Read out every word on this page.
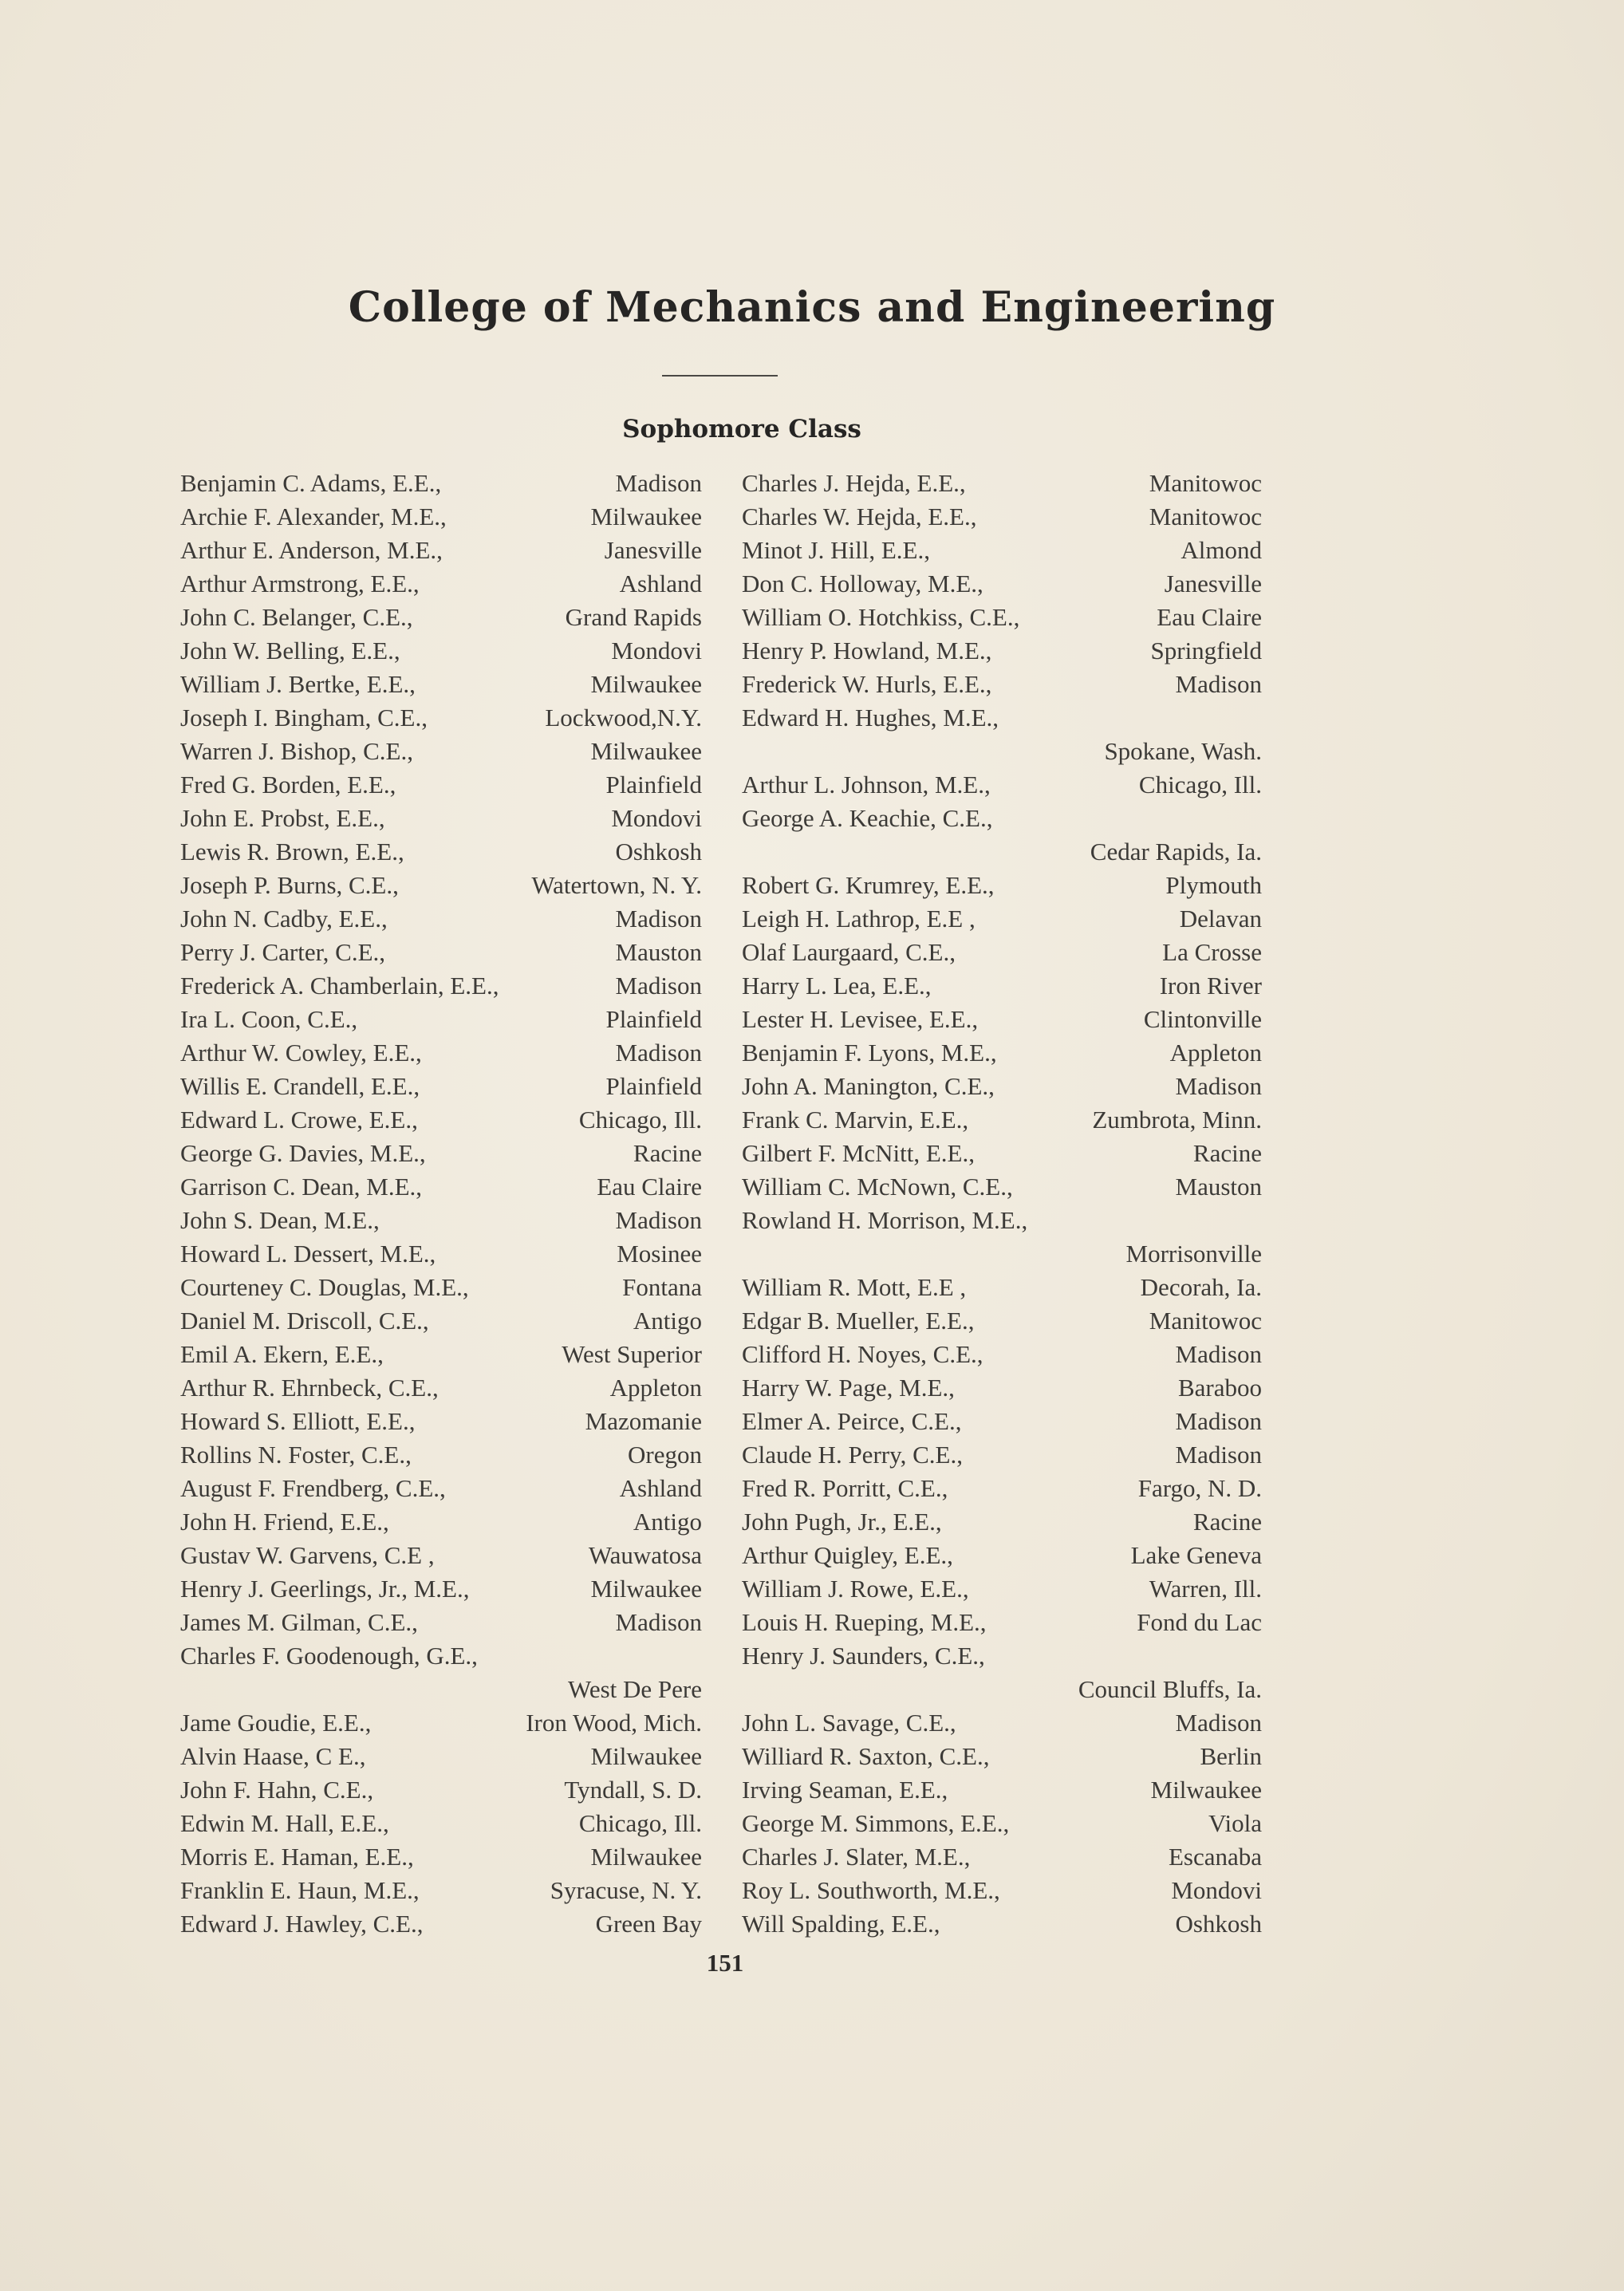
College of Mechanics and Engineering
Sophomore Class
Benjamin C. Adams, E.E.,	Madison
Archie F. Alexander, M.E.,	Milwaukee
Arthur E. Anderson, M.E.,	Janesville
Arthur Armstrong, E.E.,	Ashland
John C. Belanger, C.E.,	Grand Rapids
John W. Belling, E.E.,	Mondovi
William J. Bertke, E.E.,	Milwaukee
Joseph I. Bingham, C.E.,	Lockwood,N.Y.
Warren J. Bishop, C.E.,	Milwaukee
Fred G. Borden, E.E.,	Plainfield
John E. Probst, E.E.,	Mondovi
Lewis R. Brown, E.E.,	Oshkosh
Joseph P. Burns, C.E.,	Watertown, N. Y.
John N. Cadby, E.E.,	Madison
Perry J. Carter, C.E.,	Mauston
Frederick A. Chamberlain, E.E.,	Madison
Ira L. Coon, C.E.,	Plainfield
Arthur W. Cowley, E.E.,	Madison
Willis E. Crandell, E.E.,	Plainfield
Edward L. Crowe, E.E.,	Chicago, Ill.
George G. Davies, M.E.,	Racine
Garrison C. Dean, M.E.,	Eau Claire
John S. Dean, M.E.,	Madison
Howard L. Dessert, M.E.,	Mosinee
Courteney C. Douglas, M.E.,	Fontana
Daniel M. Driscoll, C.E.,	Antigo
Emil A. Ekern, E.E.,	West Superior
Arthur R. Ehrnbeck, C.E.,	Appleton
Howard S. Elliott, E.E.,	Mazomanie
Rollins N. Foster, C.E.,	Oregon
August F. Frendberg, C.E.,	Ashland
John H. Friend, E.E.,	Antigo
Gustav W. Garvens, C.E ,	Wauwatosa
Henry J. Geerlings, Jr., M.E.,	Milwaukee
James M. Gilman, C.E.,	Madison
Charles F. Goodenough, G.E.,
West De Pere
Jame Goudie, E.E.,	Iron Wood, Mich.
Alvin Haase, C E.,	Milwaukee
John F. Hahn, C.E.,	Tyndall, S. D.
Edwin M. Hall, E.E.,	Chicago, Ill.
Morris E. Haman, E.E.,	Milwaukee
Franklin E. Haun, M.E.,	Syracuse, N. Y.
Edward J. Hawley, C.E.,	Green Bay
Charles J. Hejda, E.E.,	Manitowoc
Charles W. Hejda, E.E.,	Manitowoc
Minot J. Hill, E.E.,	Almond
Don C. Holloway, M.E.,	Janesville
William O. Hotchkiss, C.E.,	Eau Claire
Henry P. Howland, M.E.,	Springfield
Frederick W. Hurls, E.E.,	Madison
Edward H. Hughes, M.E.,
Spokane, Wash.
Arthur L. Johnson, M.E.,	Chicago, Ill.
George A. Keachie, C.E.,
Cedar Rapids, Ia.
Robert G. Krumrey, E.E.,	Plymouth
Leigh H. Lathrop, E.E ,	Delavan
Olaf Laurgaard, C.E.,	La Crosse
Harry L. Lea, E.E.,	Iron River
Lester H. Levisee, E.E.,	Clintonville
Benjamin F. Lyons, M.E.,	Appleton
John A. Manington, C.E.,	Madison
Frank C. Marvin, E.E.,	Zumbrota, Minn.
Gilbert F. McNitt, E.E.,	Racine
William C. McNown, C.E.,	Mauston
Rowland H. Morrison, M.E.,
Morrisonville
William R. Mott, E.E ,	Decorah, Ia.
Edgar B. Mueller, E.E.,	Manitowoc
Clifford H. Noyes, C.E.,	Madison
Harry W. Page, M.E.,	Baraboo
Elmer A. Peirce, C.E.,	Madison
Claude H. Perry, C.E.,	Madison
Fred R. Porritt, C.E.,	Fargo, N. D.
John Pugh, Jr., E.E.,	Racine
Arthur Quigley, E.E.,	Lake Geneva
William J. Rowe, E.E.,	Warren, Ill.
Louis H. Rueping, M.E.,	Fond du Lac
Henry J. Saunders, C.E.,
Council Bluffs, Ia.
John L. Savage, C.E.,	Madison
Williard R. Saxton, C.E.,	Berlin
Irving Seaman, E.E.,	Milwaukee
George M. Simmons, E.E.,	Viola
Charles J. Slater, M.E.,	Escanaba
Roy L. Southworth, M.E.,	Mondovi
Will Spalding, E.E.,	Oshkosh
151
